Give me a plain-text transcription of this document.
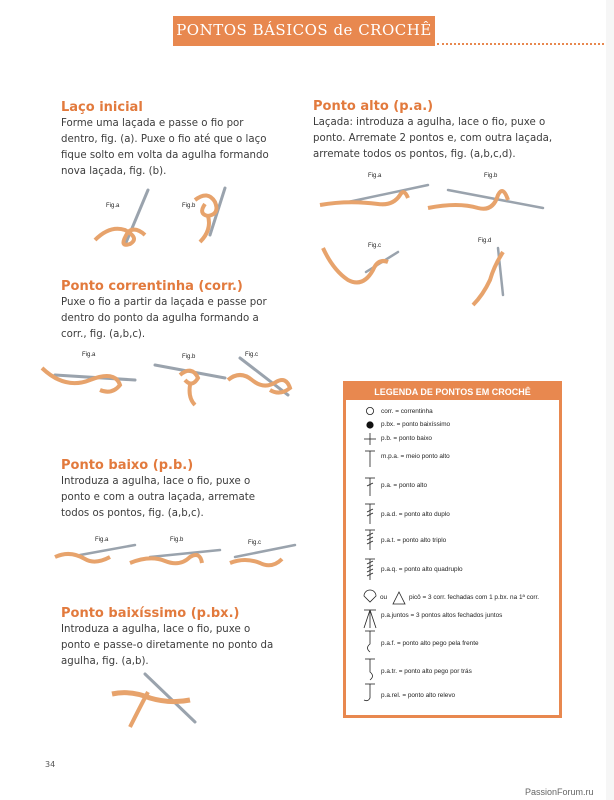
PONTOS BÁSICOS de CROCHÊ
Laço inicial
Forme uma laçada e passe o fio por
dentro, fig. (a). Puxe o fio até que o laço
fique solto em volta da agulha formando
nova laçada, fig. (b).
Fig.a	Fig.b
Ponto correntinha (corr.)
Puxe o fio a partir da laçada e passe por
dentro do ponto da agulha formando a
corr., fig. (a,b,c).
Fig.a	Fig.b	Fig.c
Ponto baixo (p.b.)
Introduza a agulha, lace o fio, puxe o
ponto e com a outra laçada, arremate
todos os pontos, fig. (a,b,c).
Fig.a	Fig.b	Fig.c
Ponto baixíssimo (p.bx.)
Introduza a agulha, lace o fio, puxe o
ponto e passe-o diretamente no ponto da
agulha, fig. (a,b).
Ponto alto (p.a.)
Laçada: introduza a agulha, lace o fio, puxe o
ponto. Arremate 2 pontos e, com outra laçada,
arremate todos os pontos, fig. (a,b,c,d).
Fig.a	Fig.b
Fig.c
Fig.d
LEGENDA DE PONTOS EM CROCHÊ
corr. = correntinha
p.bx. = ponto baixíssimo
p.b. = ponto baixo
m.p.a. = meio ponto alto
p.a. = ponto alto
p.a.d. = ponto alto duplo
p.a.t. = ponto alto triplo
p.a.q. = ponto alto quadruplo
ou	picô = 3 corr. fechadas com 1 p.bx. na 1ª corr.
p.a.juntos = 3 pontos altos fechados juntos
p.a.f. = ponto alto pego pela frente
p.a.tr. = ponto alto pego por trás
p.a.rel. = ponto alto relevo
34
PassionForum.ru
